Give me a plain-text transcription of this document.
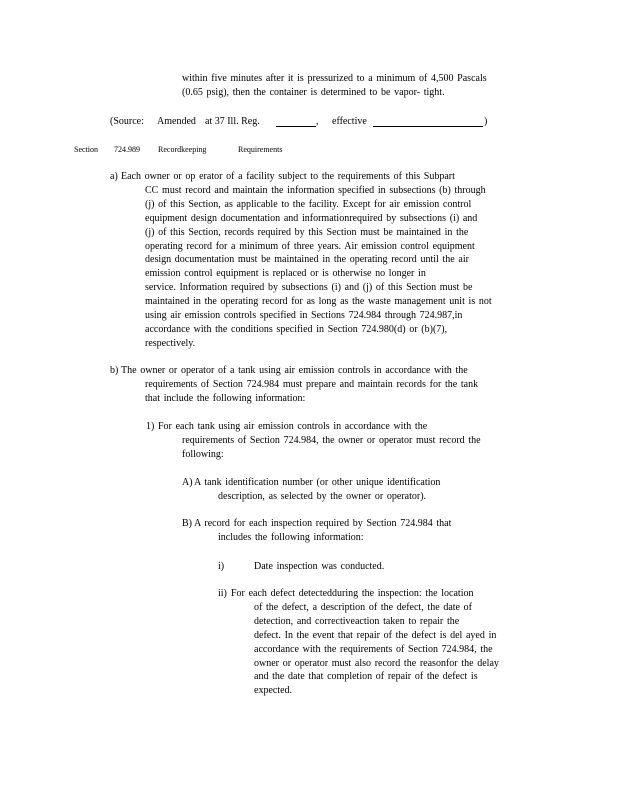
within five minutes after it is pressurized to a minimum of 4,500 Pascals
(0.65 psig), then the container is determined to be vapor- tight.
(Source: Amended at 37 Ill. Reg.	, effective	)
Section 724.989 Recordkeeping	Requirements
a) Each owner or op erator of a facility subject to the requirements of this Subpart
CC must record and maintain the information specified in subsections (b) through
(j) of this Section, as applicable to the facility. Except for air emission control
equipment design documentation and informationrequired by subsections (i) and
(j) of this Section, records required by this Section must be maintained in the
operating record for a minimum of three years. Air emission control equipment
design documentation must be maintained in the operating record until the air
emission control equipment is replaced or is otherwise no longer in
service. Information required by subsections (i) and (j) of this Section must be
maintained in the operating record for as long as the waste management unit is not
using air emission controls specified in Sections 724.984 through 724.987,in
accordance with the conditions specified in Section 724.980(d) or (b)(7),
respectively.
b) The owner or operator of a tank using air emission controls in accordance with the
requirements of Section 724.984 must prepare and maintain records for the tank
that include the following information:
1) For each tank using air emission controls in accordance with the
requirements of Section 724.984, the owner or operator must record the
following:
A) A tank identification number (or other unique identification
description, as selected by the owner or operator).
B) A record for each inspection required by Section 724.984 that
includes the following information:
i)	Date inspection was conducted.
ii) For each defect detectedduring the inspection: the location
of the defect, a description of the defect, the date of
detection, and correctiveaction taken to repair the
defect. In the event that repair of the defect is del ayed in
accordance with the requirements of Section 724.984, the
owner or operator must also record the reasonfor the delay
and the date that completion of repair of the defect is
expected.
